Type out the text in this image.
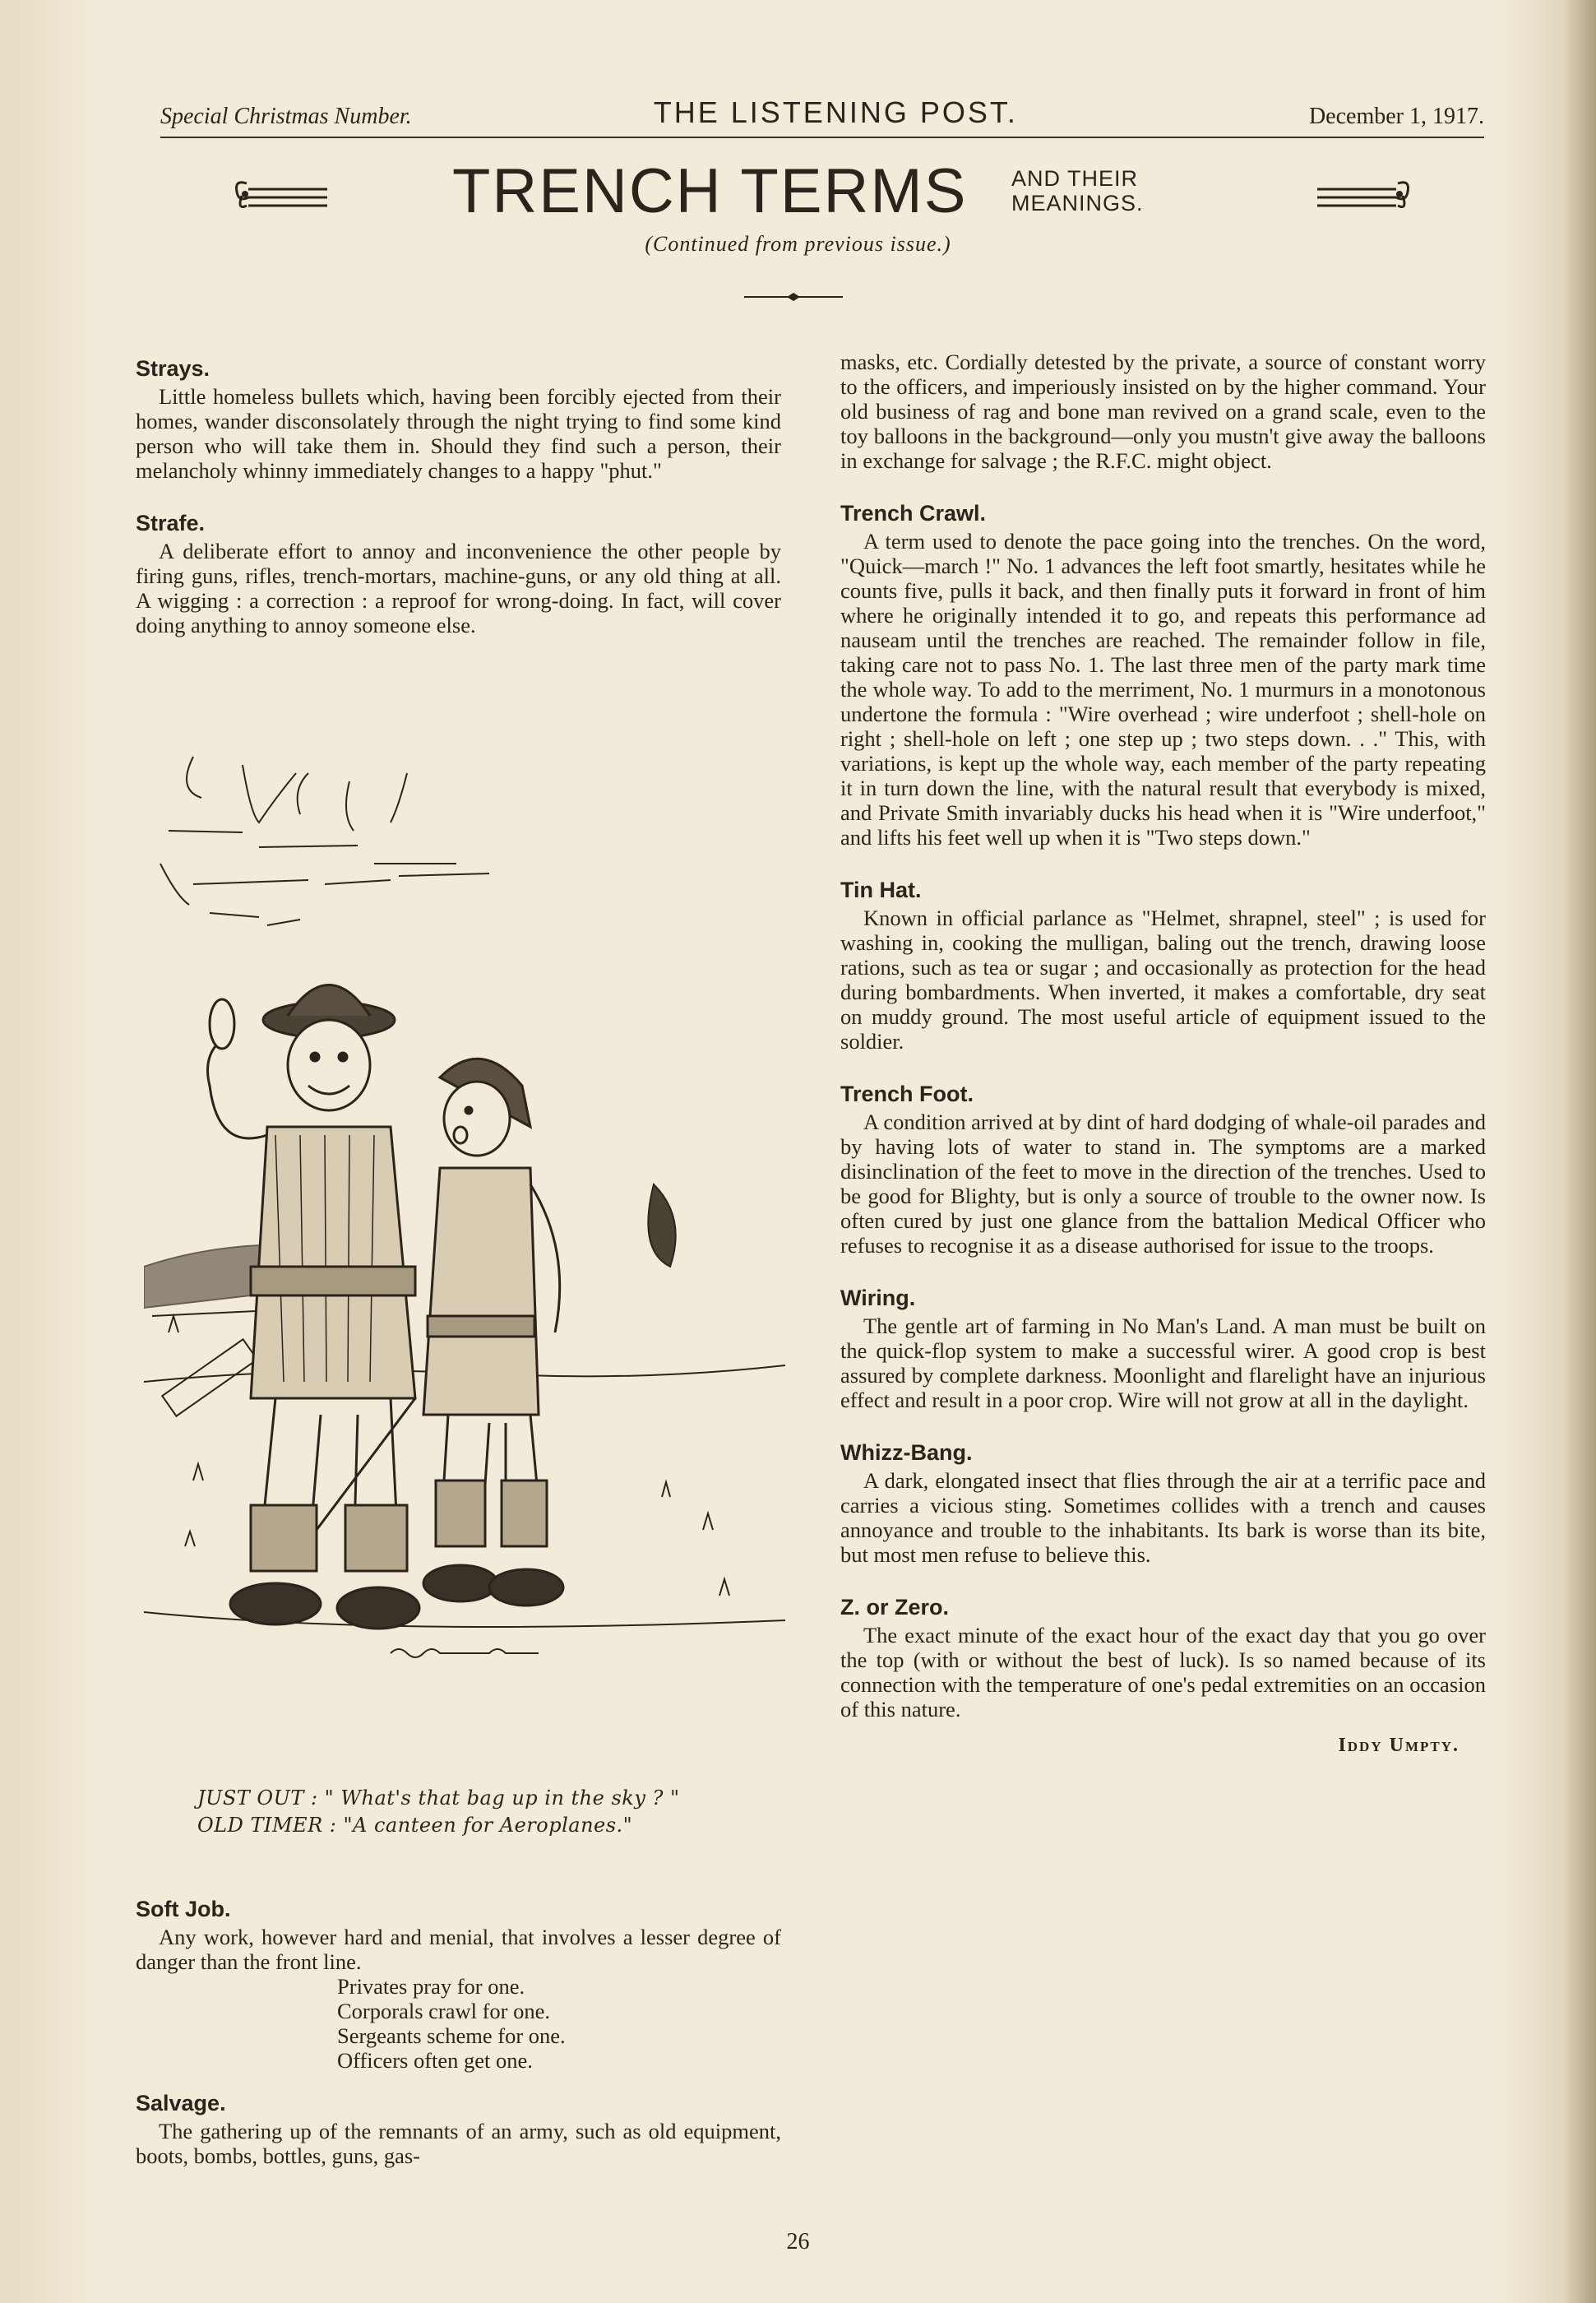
Special Christmas Number.	THE LISTENING POST.	December 1, 1917.
TRENCH TERMS AND THEIR
MEANINGS.
(Continued from previous issue.)
Strays.

Little homeless bullets which, having been forcibly ejected from their homes, wander disconsolately through the night trying to find some kind person who will take them in. Should they find such a person, their melancholy whinny immediately changes to a happy "phut."

Strafe.

A deliberate effort to annoy and inconvenience the other people by firing guns, rifles, trench-mortars, machine-guns, or any old thing at all. A wigging : a correction : a reproof for wrong-doing. In fact, will cover doing anything to annoy someone else.

JUST OUT : " What's that bag up in the sky ? "
OLD TIMER : "A canteen for Aeroplanes."
Soft Job.

Any work, however hard and menial, that involves a lesser degree of danger than the front line.

Privates pray for one.
Corporals crawl for one.
Sergeants scheme for one.
Officers often get one.
Salvage.

The gathering up of the remnants of an army, such as old equipment, boots, bombs, bottles, guns, gas-

masks, etc. Cordially detested by the private, a source of constant worry to the officers, and imperiously insisted on by the higher command. Your old business of rag and bone man revived on a grand scale, even to the toy balloons in the background—only you mustn't give away the balloons in exchange for salvage ; the R.F.C. might object.

Trench Crawl.

A term used to denote the pace going into the trenches. On the word, "Quick—march !" No. 1 advances the left foot smartly, hesitates while he counts five, pulls it back, and then finally puts it forward in front of him where he originally intended it to go, and repeats this performance ad nauseam until the trenches are reached. The remainder follow in file, taking care not to pass No. 1. The last three men of the party mark time the whole way. To add to the merriment, No. 1 murmurs in a monotonous undertone the formula : "Wire overhead ; wire underfoot ; shell-hole on right ; shell-hole on left ; one step up ; two steps down. . ." This, with variations, is kept up the whole way, each member of the party repeating it in turn down the line, with the natural result that everybody is mixed, and Private Smith invariably ducks his head when it is "Wire underfoot," and lifts his feet well up when it is "Two steps down."

Tin Hat.

Known in official parlance as "Helmet, shrapnel, steel" ; is used for washing in, cooking the mulligan, baling out the trench, drawing loose rations, such as tea or sugar ; and occasionally as protection for the head during bombardments. When inverted, it makes a comfortable, dry seat on muddy ground. The most useful article of equipment issued to the soldier.

Trench Foot.

A condition arrived at by dint of hard dodging of whale-oil parades and by having lots of water to stand in. The symptoms are a marked disinclination of the feet to move in the direction of the trenches. Used to be good for Blighty, but is only a source of trouble to the owner now. Is often cured by just one glance from the battalion Medical Officer who refuses to recognise it as a disease authorised for issue to the troops.

Wiring.

The gentle art of farming in No Man's Land. A man must be built on the quick-flop system to make a successful wirer. A good crop is best assured by complete darkness. Moonlight and flarelight have an injurious effect and result in a poor crop. Wire will not grow at all in the daylight.

Whizz-Bang.

A dark, elongated insect that flies through the air at a terrific pace and carries a vicious sting. Sometimes collides with a trench and causes annoyance and trouble to the inhabitants. Its bark is worse than its bite, but most men refuse to believe this.

Z. or Zero.

The exact minute of the exact hour of the exact day that you go over the top (with or without the best of luck). Is so named because of its connection with the temperature of one's pedal extremities on an occasion of this nature.

Iddy Umpty.
26
